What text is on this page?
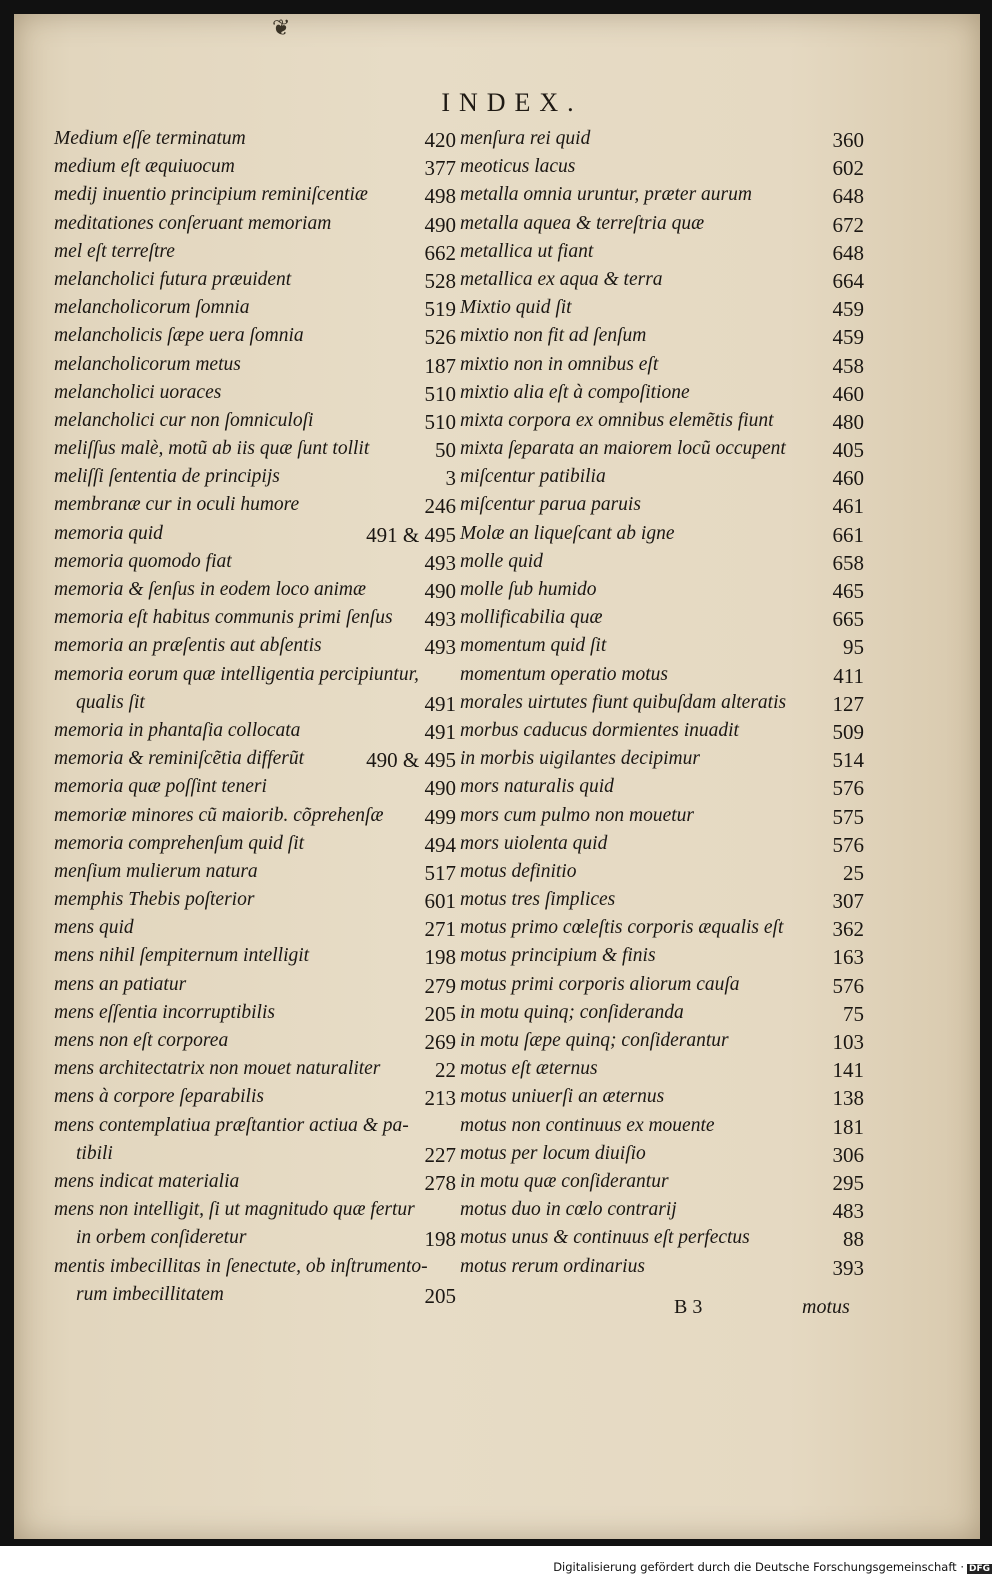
❦
INDEX.
Medium eſſe terminatum	420
medium eſt æquiuocum	377
medij inuentio principium reminiſcentiæ	498
meditationes conſeruant memoriam	490
mel eſt terreſtre	662
melancholici futura præuident	528
melancholicorum ſomnia	519
melancholicis ſæpe uera ſomnia	526
melancholicorum metus	187
melancholici uoraces	510
melancholici cur non ſomniculoſi	510
meliſſus malè, motũ ab iis quæ ſunt tollit	50
meliſſi ſententia de principijs	3
membranæ cur in oculi humore	246
memoria quid	491 & 495
memoria quomodo fiat	493
memoria & ſenſus in eodem loco animæ	490
memoria eſt habitus communis primi ſenſus 493
memoria an præſentis aut abſentis	493
memoria eorum quæ intelligentia percipiuntur,
qualis ſit	491
memoria in phantaſia collocata	491
memoria & reminiſcẽtia differũt	490 & 495
memoria quæ poſſint teneri	490
memoriæ minores cũ maiorib. cõprehenſæ 499
memoria comprehenſum quid ſit	494
menſium mulierum natura	517
memphis Thebis poſterior	601
mens quid	271
mens nihil ſempiternum intelligit	198
mens an patiatur	279
mens eſſentia incorruptibilis	205
mens non eſt corporea	269
mens architectatrix non mouet naturaliter	22
mens à corpore ſeparabilis	213
mens contemplatiua præſtantior actiua & pa-
tibili	227
mens indicat materialia	278
mens non intelligit, ſi ut magnitudo quæ fertur
in orbem conſideretur	198
mentis imbecillitas in ſenectute, ob inſtrumento-
rum imbecillitatem	205
menſura rei quid	360
meoticus lacus	602
metalla omnia uruntur, præter aurum	648
metalla aquea & terreſtria quæ	672
metallica ut fiant	648
metallica ex aqua & terra	664
Mixtio quid ſit	459
mixtio non fit ad ſenſum	459
mixtio non in omnibus eſt	458
mixtio alia eſt à compoſitione	460
mixta corpora ex omnibus elemẽtis fiunt	480
mixta ſeparata an maiorem locũ occupent 405
miſcentur patibilia	460
miſcentur parua paruis	461
Molæ an liqueſcant ab igne	661
molle quid	658
molle ſub humido	465
mollificabilia quæ	665
momentum quid ſit	95
momentum operatio motus	411
morales uirtutes fiunt quibuſdam alteratis 127
morbus caducus dormientes inuadit	509
in morbis uigilantes decipimur	514
mors naturalis quid	576
mors cum pulmo non mouetur	575
mors uiolenta quid	576
motus definitio	25
motus tres ſimplices	307
motus primo cœleſtis corporis æqualis eſt 362
motus principium & finis	163
motus primi corporis aliorum cauſa	576
in motu quinq; conſideranda	75
in motu ſæpe quinq; conſiderantur	103
motus eſt æternus	141
motus uniuerſi an æternus	138
motus non continuus ex mouente	181
motus per locum diuiſio	306
in motu quæ conſiderantur	295
motus duo in cœlo contrarij	483
motus unus & continuus eſt perfectus	88
motus rerum ordinarius	393
B 3	motus
Digitalisierung gefördert durch die Deutsche Forschungsgemeinschaft · DFG
